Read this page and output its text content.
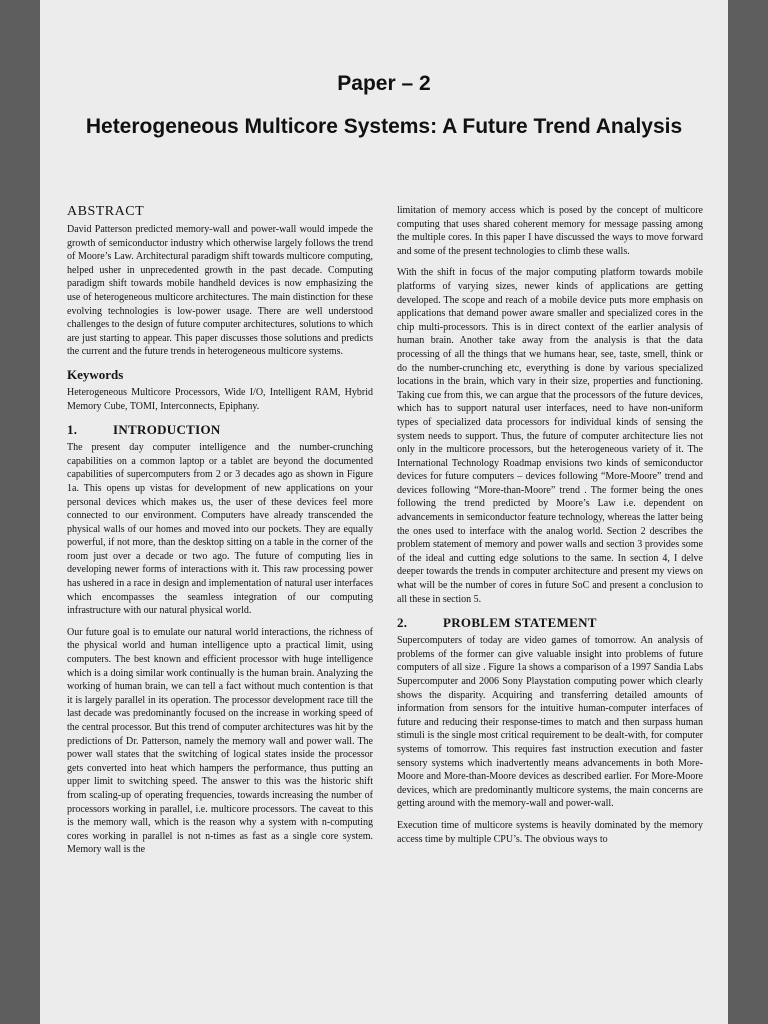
Paper – 2
Heterogeneous Multicore Systems: A Future Trend Analysis
ABSTRACT

David Patterson predicted memory-wall and power-wall would impede the growth of semiconductor industry which otherwise largely follows the trend of Moore’s Law. Architectural paradigm shift towards multicore computing, helped usher in unprecedented growth in the past decade. Computing paradigm shift towards mobile handheld devices is now emphasizing the use of heterogeneous multicore architectures. The main distinction for these evolving technologies is low-power usage. There are well understood challenges to the design of future computer architectures, solutions to which are just starting to appear. This paper discusses those solutions and predicts the current and the future trends in heterogeneous multicore systems.

Keywords

Heterogeneous Multicore Processors, Wide I/O, Intelligent RAM, Hybrid Memory Cube, TOMI, Interconnects, Epiphany.

1.	INTRODUCTION

The present day computer intelligence and the number-crunching capabilities on a common laptop or a tablet are beyond the documented capabilities of supercomputers from 2 or 3 decades ago as shown in Figure 1a. This opens up vistas for development of new applications on your personal devices which makes us, the user of these devices feel more connected to our environment. Computers have already transcended the physical walls of our homes and moved into our pockets. They are equally powerful, if not more, than the desktop sitting on a table in the corner of the room just over a decade or two ago. The future of computing lies in developing newer forms of interactions with it. This raw processing power has ushered in a race in design and implementation of natural user interfaces which encompasses the seamless integration of our computing infrastructure with our natural physical world.

Our future goal is to emulate our natural world interactions, the richness of the physical world and human intelligence upto a practical limit, using computers. The best known and efficient processor with huge intelligence which is a doing similar work continually is the human brain. Analyzing the working of human brain, we can tell a fact without much contention is that it is largely parallel in its operation. The processor development race till the last decade was predominantly focused on the increase in working speed of the central processor. But this trend of computer architectures was hit by the predictions of Dr. Patterson, namely the memory wall and power wall. The power wall states that the switching of logical states inside the processor gets converted into heat which hampers the performance, thus putting an upper limit to switching speed. The answer to this was the historic shift from scaling-up of operating frequencies, towards increasing the number of processors working in parallel, i.e. multicore processors. The caveat to this is the memory wall, which is the reason why a system with n-computing cores working in parallel is not n-times as fast as a single core system. Memory wall is the

limitation of memory access which is posed by the concept of multicore computing that uses shared coherent memory for message passing among the multiple cores. In this paper I have discussed the ways to move forward and some of the present technologies to climb these walls.

With the shift in focus of the major computing platform towards mobile platforms of varying sizes, newer kinds of applications are getting developed. The scope and reach of a mobile device puts more emphasis on applications that demand power aware smaller and specialized cores in the chip multi-processors. This is in direct context of the earlier analysis of human brain. Another take away from the analysis is that the data processing of all the things that we humans hear, see, taste, smell, think or do the number-crunching etc, everything is done by various specialized locations in the brain, which vary in their size, properties and functioning. Taking cue from this, we can argue that the processors of the future devices, which has to support natural user interfaces, need to have non-uniform types of specialized data processors for individual kinds of sensing the system needs to support. Thus, the future of computer architecture lies not only in the multicore processors, but the heterogeneous variety of it. The International Technology Roadmap envisions two kinds of semiconductor devices for future computers – devices following “More-Moore” trend and devices following “More-than-Moore” trend . The former being the ones following the trend predicted by Moore’s Law i.e. dependent on advancements in semiconductor feature technology, whereas the latter being the ones used to interface with the analog world. Section 2 describes the problem statement of memory and power walls and section 3 provides some of the ideal and cutting edge solutions to the same. In section 4, I delve deeper towards the trends in computer architecture and present my views on what will be the number of cores in future SoC and present a conclusion to all these in section 5.

2.	PROBLEM STATEMENT

Supercomputers of today are video games of tomorrow. An analysis of problems of the former can give valuable insight into problems of future computers of all size . Figure 1a shows a comparison of a 1997 Sandia Labs Supercomputer and 2006 Sony Playstation computing power which clearly shows the disparity. Acquiring and transferring detailed amounts of information from sensors for the intuitive human-computer interfaces of future and reducing their response-times to match and then surpass human stimuli is the single most critical requirement to be dealt-with, for computer systems of tomorrow. This requires fast instruction execution and faster sensory systems which inadvertently means advancements in both More-Moore and More-than-Moore devices as described earlier. For More-Moore devices, which are predominantly multicore systems, the main concerns are getting around with the memory-wall and power-wall.

Execution time of multicore systems is heavily dominated by the memory access time by multiple CPU’s. The obvious ways to
